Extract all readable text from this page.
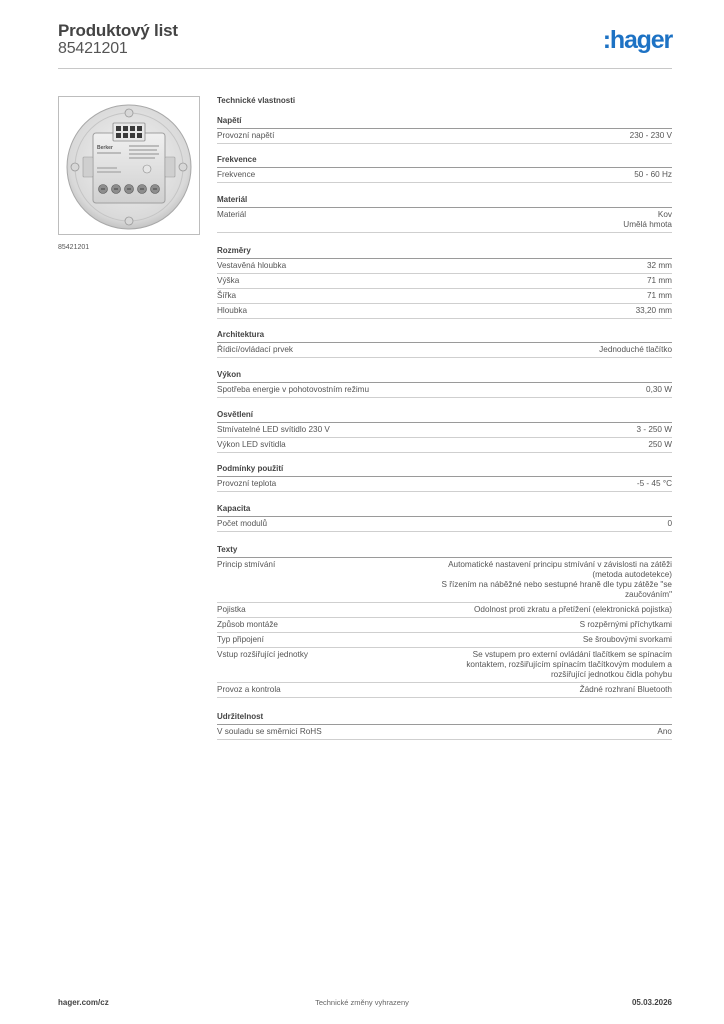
Produktový list
85421201	:hager
Berker
85421201
Technické vlastnosti
Napětí
Provozní napětí	230 - 230 V
Frekvence
Frekvence	50 - 60 Hz
Materiál
Materiál	Kov
Umělá hmota
Rozměry
Vestavěná hloubka	32 mm
Výška	71 mm
Šířka	71 mm
Hloubka	33,20 mm
Architektura
Řídicí/ovládací prvek	Jednoduché tlačítko
Výkon
Spotřeba energie v pohotovostním režimu	0,30 W
Osvětlení
Stmívatelné LED svítidlo 230 V	3 - 250 W
Výkon LED svítidla	250 W
Podmínky použití
Provozní teplota	-5 - 45 °C
Kapacita
Počet modulů	0
Texty
Princip stmívání	Automatické nastavení principu stmívání v závislosti na zátěži
(metoda autodetekce)
S řízením na náběžné nebo sestupné hraně dle typu zátěže "se
zaučováním"
Pojistka	Odolnost proti zkratu a přetížení (elektronická pojistka)
Způsob montáže	S rozpěrnými příchytkami
Typ připojení	Se šroubovými svorkami
Vstup rozšiřující jednotky	Se vstupem pro externí ovládání tlačítkem se spínacím
kontaktem, rozšiřujícím spínacím tlačítkovým modulem a
rozšiřující jednotkou čidla pohybu
Provoz a kontrola	Žádné rozhraní Bluetooth
Udržitelnost
V souladu se směrnicí RoHS	Ano
hager.com/cz	Technické změny vyhrazeny	05.03.2026
